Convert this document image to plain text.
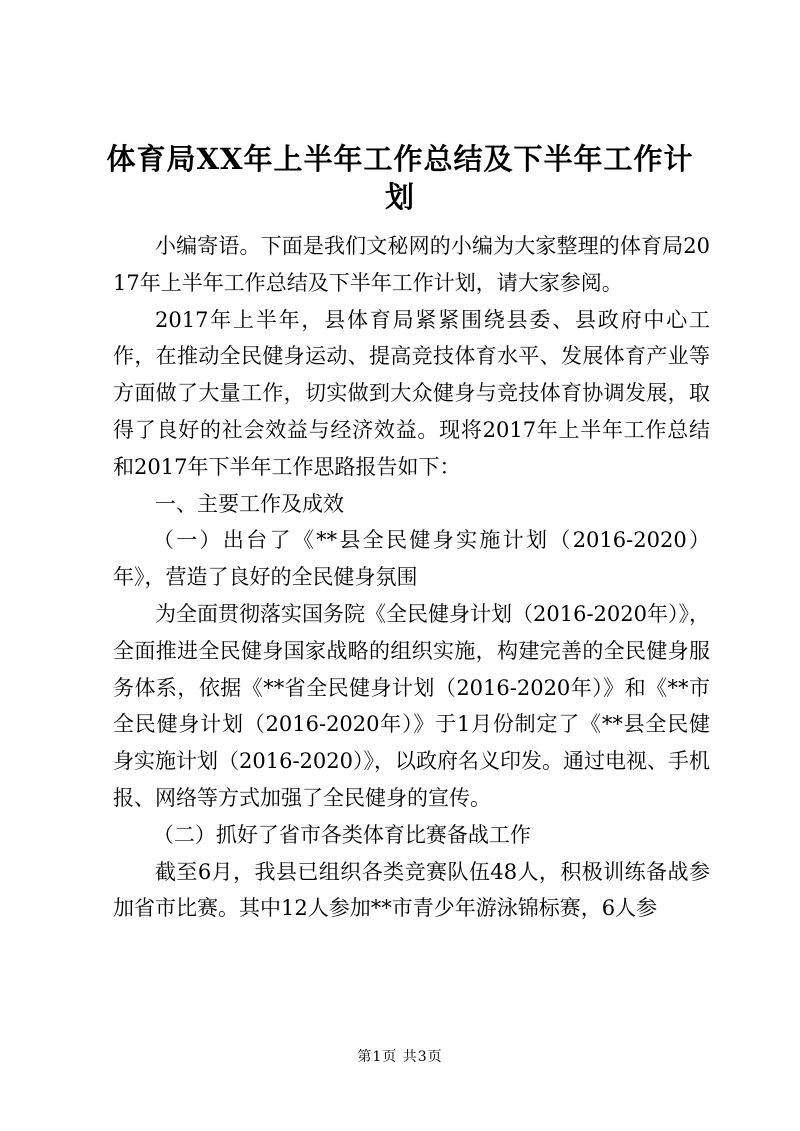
体育局XX年上半年工作总结及下半年工作计划

小编寄语。下面是我们文秘网的小编为大家整理的体育局2017年上半年工作总结及下半年工作计划，请大家参阅。

2017年上半年，县体育局紧紧围绕县委、县政府中心工作，在推动全民健身运动、提高竞技体育水平、发展体育产业等方面做了大量工作，切实做到大众健身与竞技体育协调发展，取得了良好的社会效益与经济效益。现将2017年上半年工作总结和2017年下半年工作思路报告如下：

一、主要工作及成效

（一）出台了《**县全民健身实施计划（2016-2020）年》，营造了良好的全民健身氛围

为全面贯彻落实国务院《全民健身计划（2016-2020年）》，全面推进全民健身国家战略的组织实施，构建完善的全民健身服务体系，依据《**省全民健身计划（2016-2020年）》和《**市全民健身计划（2016-2020年）》于1月份制定了《**县全民健身实施计划（2016-2020）》，以政府名义印发。通过电视、手机报、网络等方式加强了全民健身的宣传。

（二）抓好了省市各类体育比赛备战工作

截至6月，我县已组织各类竞赛队伍48人，积极训练备战参加省市比赛。其中12人参加**市青少年游泳锦标赛，6人参

第1页 共3页
